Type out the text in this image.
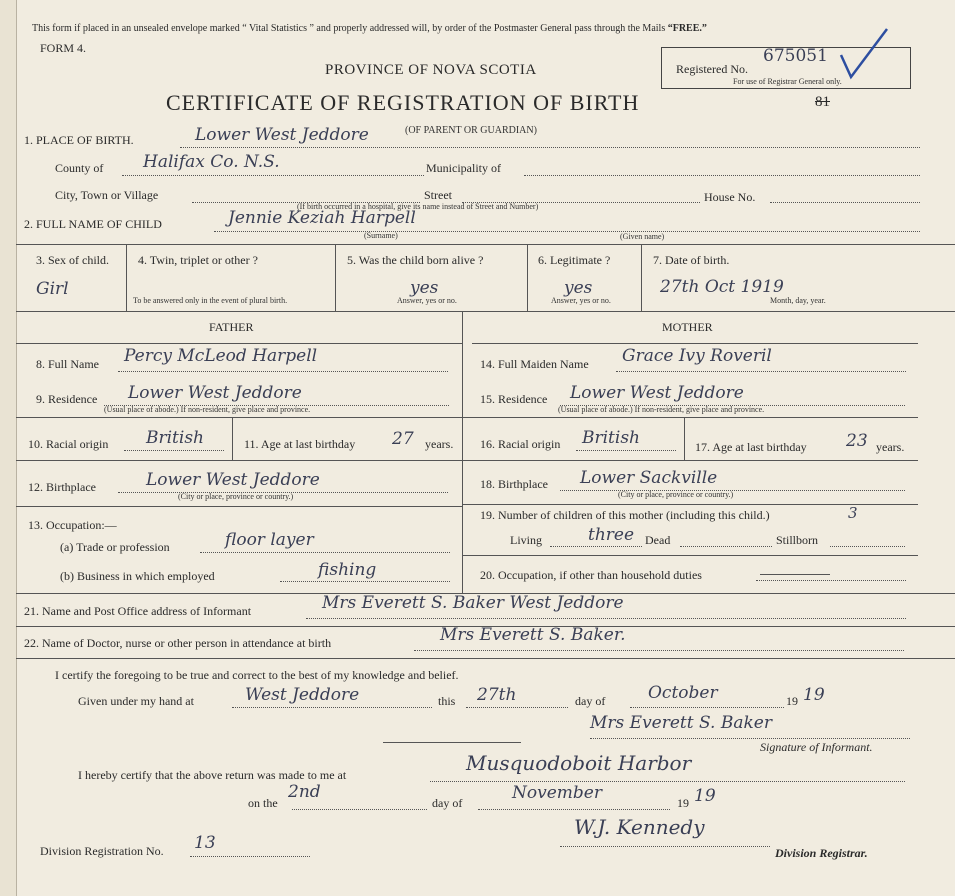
This form if placed in an unsealed envelope marked “ Vital Statistics ” and properly addressed will, by order of the Postmaster General pass through the Mails “FREE.”
FORM 4.
PROVINCE OF NOVA SCOTIA
CERTIFICATE OF REGISTRATION OF BIRTH
Registered No.
675051
For use of Registrar General only.
81
1. PLACE OF BIRTH.	Lower West Jeddore	(OF PARENT OR GUARDIAN)
County of Halifax Co. N.S.	Municipality of
City, Town or Village	Street
(If birth occurred in a hospital, give its name instead of Street and Number)
House No.
2. FULL NAME OF CHILD	Jennie Keziah Harpell
(Surname)	(Given name)
3. Sex of child.
Girl
4. Twin, triplet or other ?
To be answered only in the event of plural birth.
5. Was the child born alive ?
yes
Answer, yes or no.
6. Legitimate ?
yes
Answer, yes or no.
7. Date of birth.
27th Oct 1919
Month, day, year.
FATHER
8. Full Name Percy McLeod Harpell
9. Residence Lower West Jeddore
(Usual place of abode.) If non-resident, give place and province.
10. Racial origin British	11. Age at last birthday 27 years.
12. Birthplace	Lower West Jeddore
(City or place, province or country.)
13. Occupation:—
(a) Trade or profession	floor layer
(b) Business in which employed	fishing
MOTHER
14. Full Maiden Name Grace Ivy Roveril
15. Residence Lower West Jeddore
(Usual place of abode.) If non-resident, give place and province.
16. Racial origin British	17. Age at last birthday 23 years.
18. Birthplace Lower Sackville
(City or place, province or country.)
19. Number of children of this mother (including this child.)	3
Living	three Dead	Stillborn
20. Occupation, if other than household duties
21. Name and Post Office address of Informant	Mrs Everett S. Baker West Jeddore
22. Name of Doctor, nurse or other person in attendance at birth	Mrs Everett S. Baker.
I certify the foregoing to be true and correct to the best of my knowledge and belief.
Given under my hand at	West Jeddore	this 27th	day of	October	19 19
Mrs Everett S. Baker
Signature of Informant.
I hereby certify that the above return was made to me at	Musquodoboit Harbor
on the
2nd
day of	November	19 19
Division Registration No. 13
W.J. Kennedy
Division Registrar.
